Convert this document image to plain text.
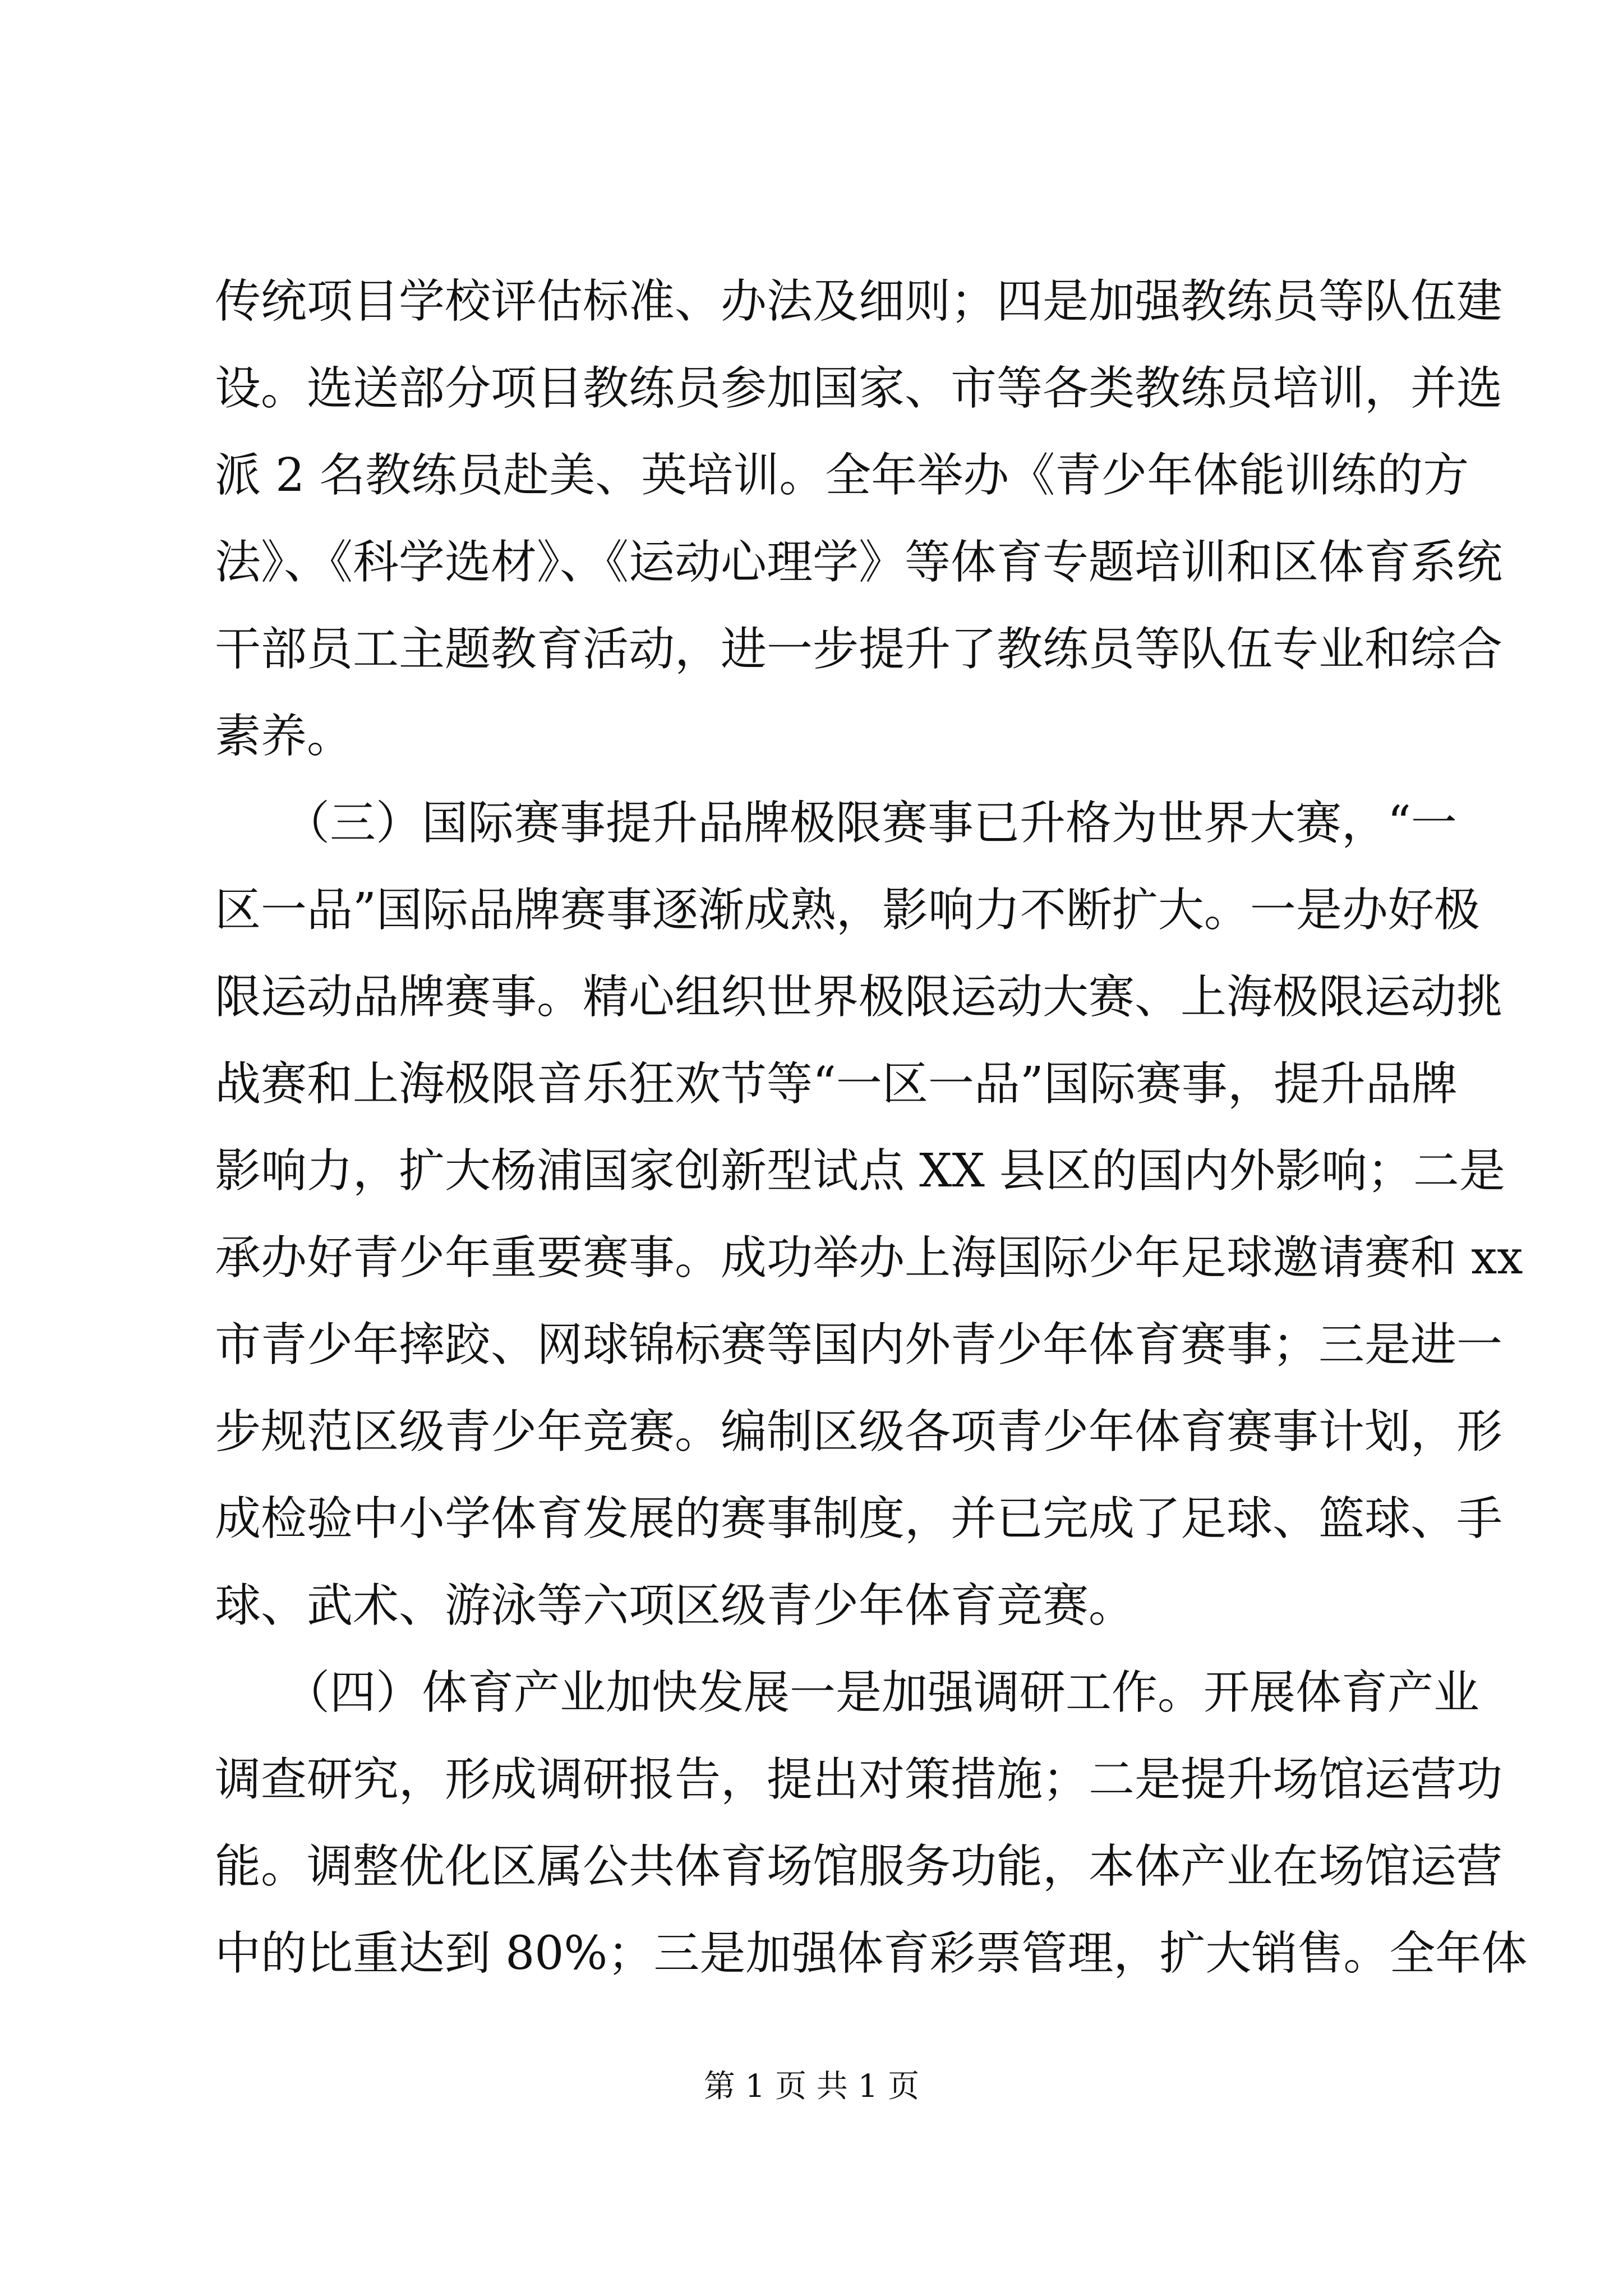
传统项目学校评估标准、办法及细则；四是加强教练员等队伍建
设。选送部分项目教练员参加国家、市等各类教练员培训，并选
派 2 名教练员赴美、英培训。全年举办《青少年体能训练的方
法》、《科学选材》、《运动心理学》等体育专题培训和区体育系统
干部员工主题教育活动，进一步提升了教练员等队伍专业和综合
素养。
　　（三）国际赛事提升品牌极限赛事已升格为世界大赛，“一
区一品”国际品牌赛事逐渐成熟，影响力不断扩大。一是办好极
限运动品牌赛事。精心组织世界极限运动大赛、上海极限运动挑
战赛和上海极限音乐狂欢节等“一区一品”国际赛事，提升品牌
影响力，扩大杨浦国家创新型试点 XX 县区的国内外影响；二是
承办好青少年重要赛事。成功举办上海国际少年足球邀请赛和 xx
市青少年摔跤、网球锦标赛等国内外青少年体育赛事；三是进一
步规范区级青少年竞赛。编制区级各项青少年体育赛事计划，形
成检验中小学体育发展的赛事制度，并已完成了足球、篮球、手
球、武术、游泳等六项区级青少年体育竞赛。
　　（四）体育产业加快发展一是加强调研工作。开展体育产业
调查研究，形成调研报告，提出对策措施；二是提升场馆运营功
能。调整优化区属公共体育场馆服务功能，本体产业在场馆运营
中的比重达到 80%；三是加强体育彩票管理，扩大销售。全年体
第 1 页 共 1 页
